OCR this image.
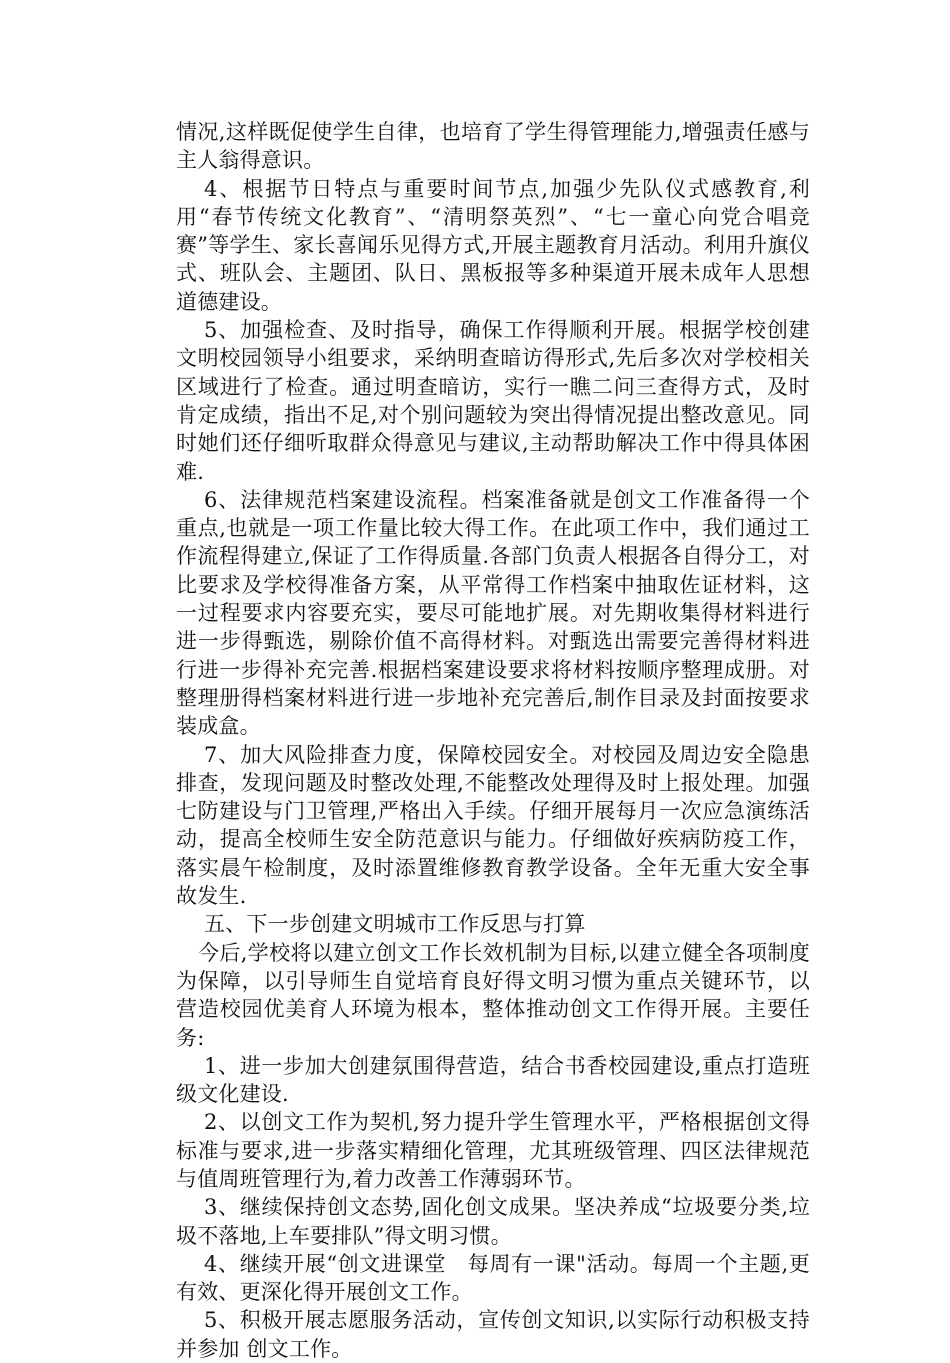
情况,这样既促使学生自律，也培育了学生得管理能力,增强责任感与主人翁得意识。

4、根据节日特点与重要时间节点,加强少先队仪式感教育,利用“春节传统文化教育”、“清明祭英烈”、“七一童心向党合唱竞赛”等学生、家长喜闻乐见得方式,开展主题教育月活动。利用升旗仪式、班队会、主题团、队日、黑板报等多种渠道开展未成年人思想道德建设。

5、加强检查、及时指导，确保工作得顺利开展。根据学校创建文明校园领导小组要求，采纳明查暗访得形式,先后多次对学校相关区域进行了检查。通过明查暗访，实行一瞧二问三查得方式，及时肯定成绩，指出不足,对个别问题较为突出得情况提出整改意见。同时她们还仔细听取群众得意见与建议,主动帮助解决工作中得具体困难.

6、法律规范档案建设流程。档案准备就是创文工作准备得一个重点,也就是一项工作量比较大得工作。在此项工作中，我们通过工作流程得建立,保证了工作得质量.各部门负责人根据各自得分工，对比要求及学校得准备方案，从平常得工作档案中抽取佐证材料，这一过程要求内容要充实，要尽可能地扩展。对先期收集得材料进行进一步得甄选，剔除价值不高得材料。对甄选出需要完善得材料进行进一步得补充完善.根据档案建设要求将材料按顺序整理成册。对整理册得档案材料进行进一步地补充完善后,制作目录及封面按要求装成盒。

7、加大风险排查力度，保障校园安全。对校园及周边安全隐患排查，发现问题及时整改处理,不能整改处理得及时上报处理。加强七防建设与门卫管理,严格出入手续。仔细开展每月一次应急演练活动，提高全校师生安全防范意识与能力。仔细做好疾病防疫工作，落实晨午检制度，及时添置维修教育教学设备。全年无重大安全事故发生.

五、下一步创建文明城市工作反思与打算

今后,学校将以建立创文工作长效机制为目标,以建立健全各项制度为保障，以引导师生自觉培育良好得文明习惯为重点关键环节，以营造校园优美育人环境为根本，整体推动创文工作得开展。主要任务:

1、进一步加大创建氛围得营造，结合书香校园建设,重点打造班级文化建设.

2、以创文工作为契机,努力提升学生管理水平，严格根据创文得标准与要求,进一步落实精细化管理，尤其班级管理、四区法律规范与值周班管理行为,着力改善工作薄弱环节。

3、继续保持创文态势,固化创文成果。坚决养成“垃圾要分类,垃圾不落地,上车要排队”得文明习惯。

4、继续开展“创文进课堂　每周有一课"活动。每周一个主题,更有效、更深化得开展创文工作。

5、积极开展志愿服务活动，宣传创文知识,以实际行动积极支持并参加 创文工作。
